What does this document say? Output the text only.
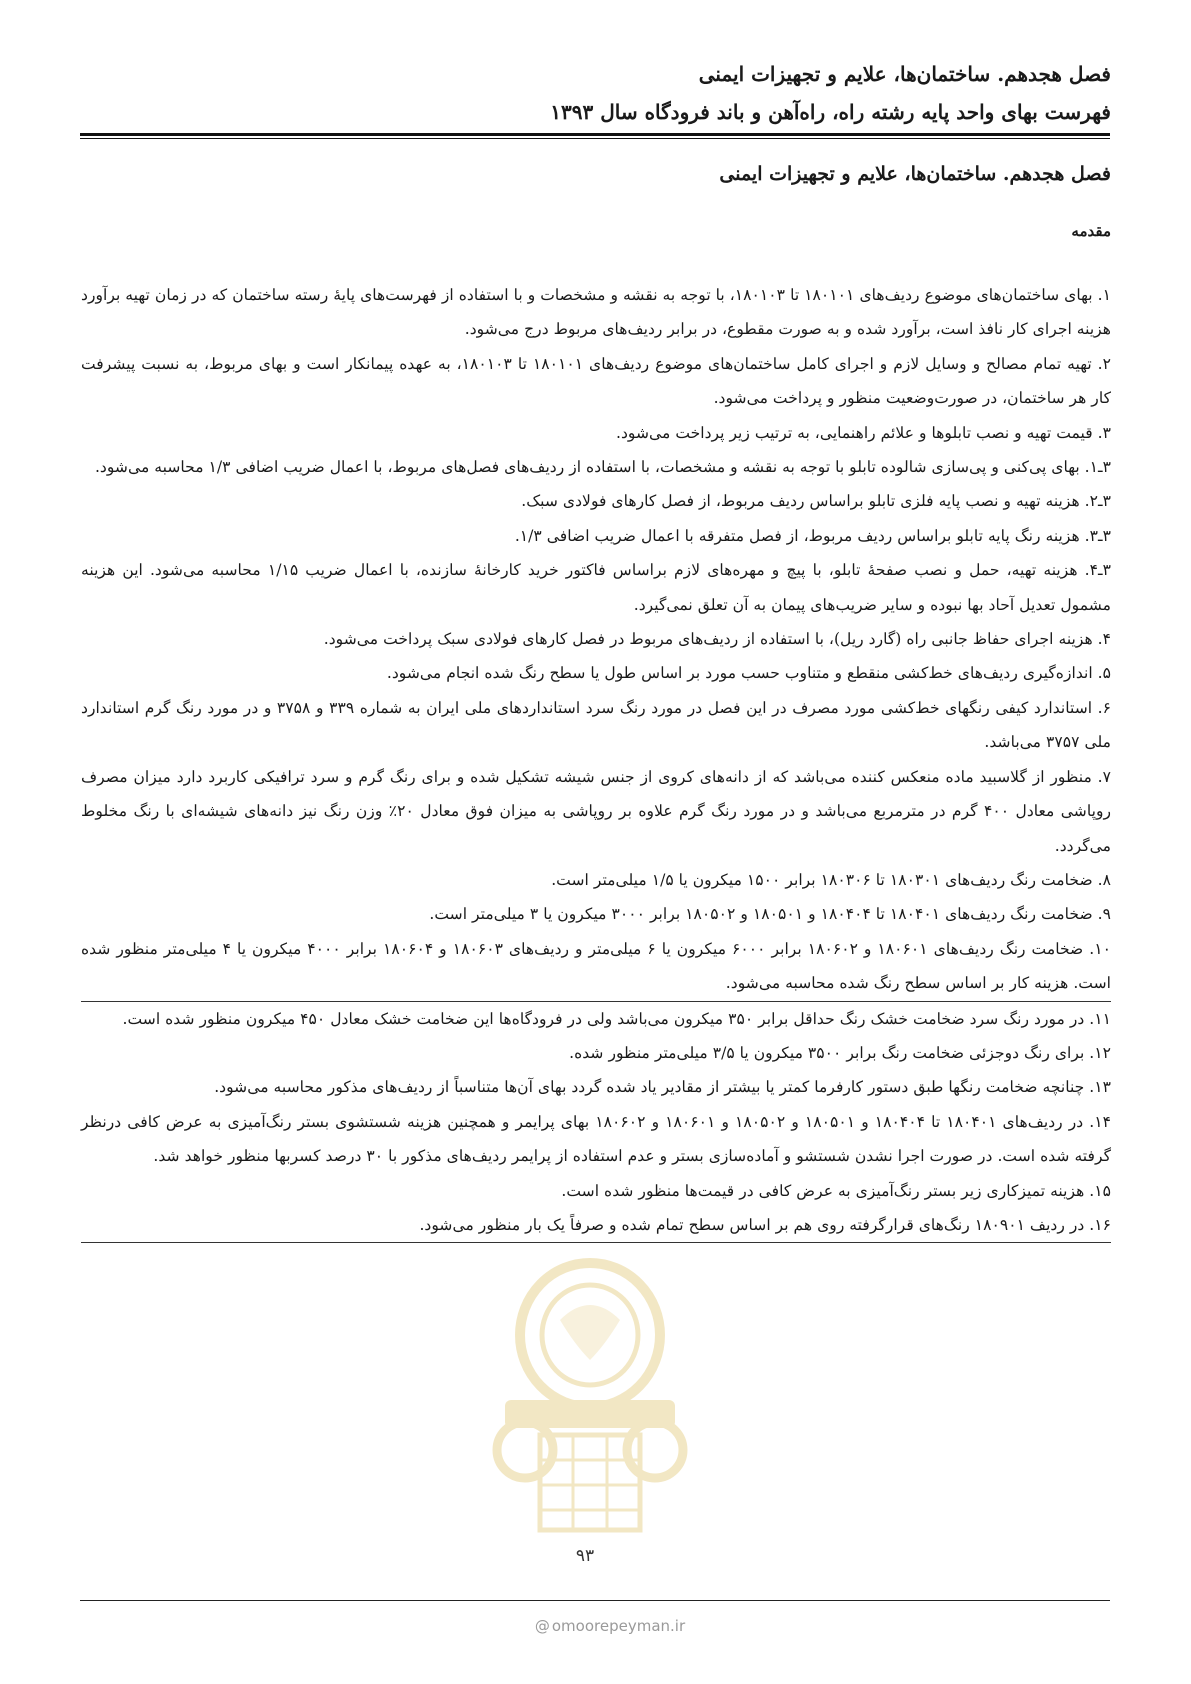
فصل هجدهم. ساختمان‌ها، علایم و تجهیزات ایمنی
فهرست بهای واحد پایه رشته راه، راه‌آهن و باند فرودگاه سال ۱۳۹۳
فصل هجدهم. ساختمان‌ها، علایم و تجهیزات ایمنی
مقدمه

۱. بهای ساختمان‌های موضوع ردیف‌های ۱۸۰۱۰۱ تا ۱۸۰۱۰۳، با توجه به نقشه و مشخصات و با استفاده از فهرست‌های پایهٔ رسته ساختمان که در زمان تهیه برآورد هزینه اجرای کار نافذ است، برآورد شده و به صورت مقطوع، در برابر ردیف‌های مربوط درج می‌شود.

۲. تهیه تمام مصالح و وسایل لازم و اجرای کامل ساختمان‌های موضوع ردیف‌های ۱۸۰۱۰۱ تا ۱۸۰۱۰۳، به عهده پیمانکار است و بهای مربوط، به نسبت پیشرفت کار هر ساختمان، در صورت‌وضعیت منظور و پرداخت می‌شود.

۳. قیمت تهیه و نصب تابلوها و علائم راهنمایی، به ترتیب زیر پرداخت می‌شود.

۳ـ۱. بهای پی‌کنی و پی‌سازی شالوده تابلو با توجه به نقشه و مشخصات، با استفاده از ردیف‌های فصل‌های مربوط، با اعمال ضریب اضافی ۱/۳ محاسبه می‌شود.

۳ـ۲. هزینه تهیه و نصب پایه فلزی تابلو براساس ردیف مربوط، از فصل کارهای فولادی سبک.

۳ـ۳. هزینه رنگ پایه تابلو براساس ردیف مربوط، از فصل متفرقه با اعمال ضریب اضافی ۱/۳.

۳ـ۴. هزینه تهیه، حمل و نصب صفحهٔ تابلو، با پیچ و مهره‌های لازم براساس فاکتور خرید کارخانهٔ سازنده، با اعمال ضریب ۱/۱۵ محاسبه می‌شود. این هزینه مشمول تعدیل آحاد بها نبوده و سایر ضریب‌های پیمان به آن تعلق نمی‌گیرد.

۴. هزینه اجرای حفاظ جانبی راه (گارد ریل)، با استفاده از ردیف‌های مربوط در فصل کارهای فولادی سبک پرداخت می‌شود.

۵. اندازه‌گیری ردیف‌های خط‌کشی منقطع و متناوب حسب مورد بر اساس طول یا سطح رنگ شده انجام می‌شود.

۶. استاندارد کیفی رنگهای خط‌کشی مورد مصرف در این فصل در مورد رنگ سرد استانداردهای ملی ایران به شماره ۳۳۹ و ۳۷۵۸ و در مورد رنگ گرم استاندارد ملی ۳۷۵۷ می‌باشد.

۷. منظور از گلاسبید ماده منعکس کننده می‌باشد که از دانه‌های کروی از جنس شیشه تشکیل شده و برای رنگ گرم و سرد ترافیکی کاربرد دارد میزان مصرف روپاشی معادل ۴۰۰ گرم در مترمربع می‌باشد و در مورد رنگ گرم علاوه بر روپاشی به میزان فوق معادل ۲۰٪ وزن رنگ نیز دانه‌های شیشه‌ای با رنگ مخلوط می‌گردد.

۸. ضخامت رنگ ردیف‌های ۱۸۰۳۰۱ تا ۱۸۰۳۰۶ برابر ۱۵۰۰ میکرون یا ۱/۵ میلی‌متر است.

۹. ضخامت رنگ ردیف‌های ۱۸۰۴۰۱ تا ۱۸۰۴۰۴ و ۱۸۰۵۰۱ و ۱۸۰۵۰۲ برابر ۳۰۰۰ میکرون یا ۳ میلی‌متر است.

۱۰. ضخامت رنگ ردیف‌های ۱۸۰۶۰۱ و ۱۸۰۶۰۲ برابر ۶۰۰۰ میکرون یا ۶ میلی‌متر و ردیف‌های ۱۸۰۶۰۳ و ۱۸۰۶۰۴ برابر ۴۰۰۰ میکرون یا ۴ میلی‌متر منظور شده است. هزینه کار بر اساس سطح رنگ شده محاسبه می‌شود.

۱۱. در مورد رنگ سرد ضخامت خشک رنگ حداقل برابر ۳۵۰ میکرون می‌باشد ولی در فرودگاه‌ها این ضخامت خشک معادل ۴۵۰ میکرون منظور شده است.

۱۲. برای رنگ دوجزئی ضخامت رنگ برابر ۳۵۰۰ میکرون یا ۳/۵ میلی‌متر منظور شده.

۱۳. چنانچه ضخامت رنگها طبق دستور کارفرما کمتر یا بیشتر از مقادیر یاد شده گردد بهای آن‌ها متناسباً از ردیف‌های مذکور محاسبه می‌شود.

۱۴. در ردیف‌های ۱۸۰۴۰۱ تا ۱۸۰۴۰۴ و ۱۸۰۵۰۱ و ۱۸۰۵۰۲ و ۱۸۰۶۰۱ و ۱۸۰۶۰۲ بهای پرایمر و همچنین هزینه شستشوی بستر رنگ‌آمیزی به عرض کافی درنظر گرفته شده است. در صورت اجرا نشدن شستشو و آماده‌سازی بستر و عدم استفاده از پرایمر ردیف‌های مذکور با ۳۰ درصد کسربها منظور خواهد شد.

۱۵. هزینه تمیزکاری زیر بستر رنگ‌آمیزی به عرض کافی در قیمت‌ها منظور شده است.

۱۶. در ردیف ۱۸۰۹۰۱ رنگ‌های قرارگرفته روی هم بر اساس سطح تمام شده و صرفاً یک بار منظور می‌شود.

۹۳
@ omoorepeyman.ir
